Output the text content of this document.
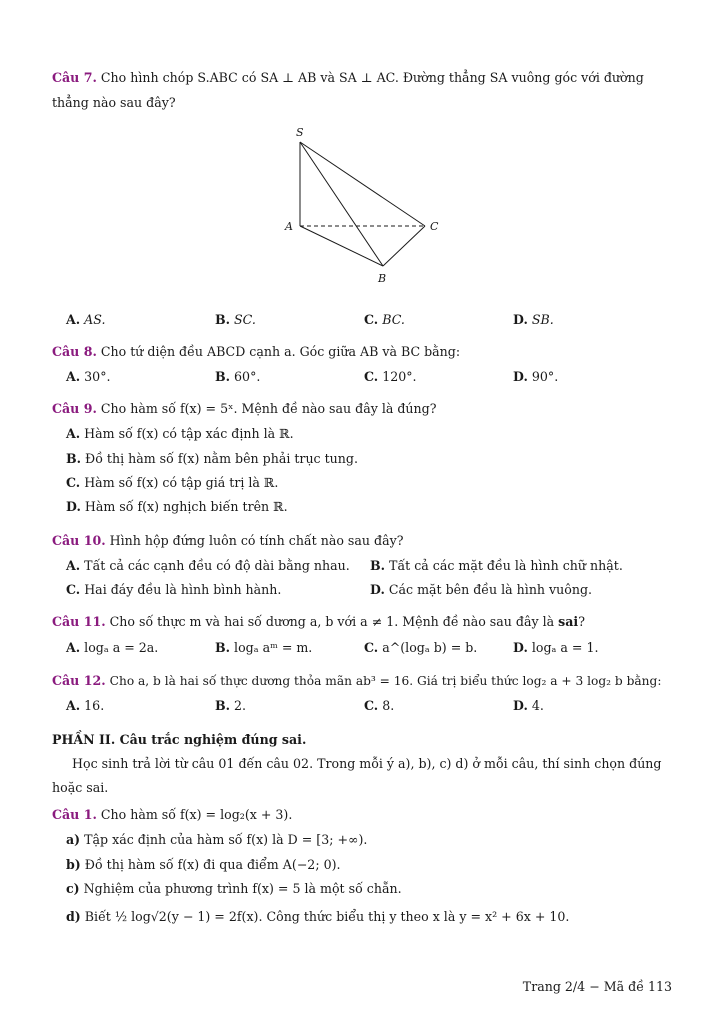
Câu 7. Cho hình chóp S.ABC có SA ⊥ AB và SA ⊥ AC. Đường thẳng SA vuông góc với đường
thẳng nào sau đây?
S
A
B
C
A. AS.	B. SC.	C. BC.	D. SB.
Câu 8. Cho tứ diện đều ABCD cạnh a. Góc giữa AB và BC bằng:
A. 30°.	B. 60°.	C. 120°.	D. 90°.
Câu 9. Cho hàm số f(x) = 5ˣ. Mệnh đề nào sau đây là đúng?
A. Hàm số f(x) có tập xác định là ℝ.
B. Đồ thị hàm số f(x) nằm bên phải trục tung.
C. Hàm số f(x) có tập giá trị là ℝ.
D. Hàm số f(x) nghịch biến trên ℝ.
Câu 10. Hình hộp đứng luôn có tính chất nào sau đây?
A. Tất cả các cạnh đều có độ dài bằng nhau. B. Tất cả các mặt đều là hình chữ nhật.
C. Hai đáy đều là hình bình hành.	D. Các mặt bên đều là hình vuông.
Câu 11. Cho số thực m và hai số dương a, b với a ≠ 1. Mệnh đề nào sau đây là sai?
A. logₐ a = 2a.	B. logₐ aᵐ = m.	C. a^(logₐ b) = b.	D. logₐ a = 1.
Câu 12. Cho a, b là hai số thực dương thỏa mãn ab³ = 16. Giá trị biểu thức log₂ a + 3 log₂ b bằng:
A. 16.	B. 2.	C. 8.	D. 4.
PHẦN II. Câu trắc nghiệm đúng sai.
Học sinh trả lời từ câu 01 đến câu 02. Trong mỗi ý a), b), c) d) ở mỗi câu, thí sinh chọn đúng
hoặc sai.
Câu 1. Cho hàm số f(x) = log₂(x + 3).
a) Tập xác định của hàm số f(x) là D = [3; +∞).
b) Đồ thị hàm số f(x) đi qua điểm A(−2; 0).
c) Nghiệm của phương trình f(x) = 5 là một số chẵn.
d) Biết ½ log√2(y − 1) = 2f(x). Công thức biểu thị y theo x là y = x² + 6x + 10.
Trang 2/4 − Mã đề 113
